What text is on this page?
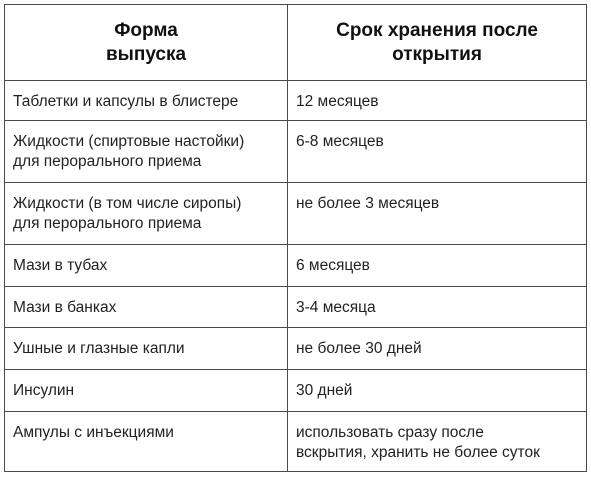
Форма
выпуска	Срок хранения после
открытия

Таблетки и капсулы в блистере	12 месяцев

Жидкости (спиртовые настойки)
для перорального приема	6-8 месяцев

Жидкости (в том числе сиропы)
для перорального приема	не более 3 месяцев

Мази в тубах	6 месяцев

Мази в банках	3-4 месяца

Ушные и глазные капли	не более 30 дней

Инсулин	30 дней

Ампулы с инъекциями	использовать сразу после
вскрытия, хранить не более суток
